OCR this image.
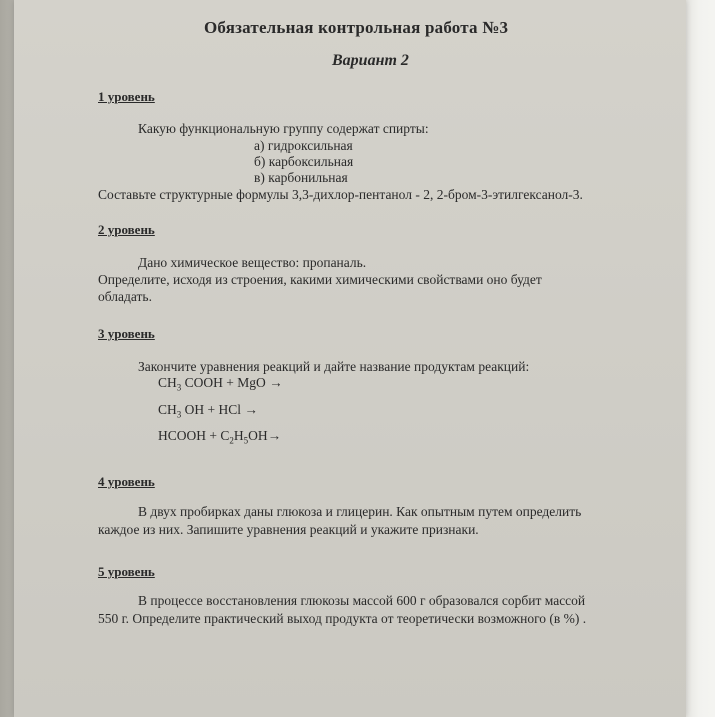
Обязательная контрольная работа №3
Вариант 2
1 уровень
Какую функциональную группу содержат спирты:
а) гидроксильная
б) карбоксильная
в) карбонильная
Составьте структурные формулы 3,3-дихлор-пентанол - 2, 2-бром-3-этилгексанол-3.
2 уровень
Дано химическое вещество: пропаналь.
Определите, исходя из строения, какими химическими свойствами оно будет
обладать.
3 уровень
Закончите уравнения реакций и дайте название продуктам реакций:
$CH_3$ COOH + MgO →
$CH_3$ OH + HCl →
HCOOH + $C_2H_5OH\to$
4 уровень
В двух пробирках даны глюкоза и глицерин. Как опытным путем определить
каждое из них. Запишите уравнения реакций и укажите признаки.
5 уровень
В процессе восстановления глюкозы массой 600 г образовался сорбит массой
550 г. Определите практический выход продукта от теоретически возможного (в %) .
